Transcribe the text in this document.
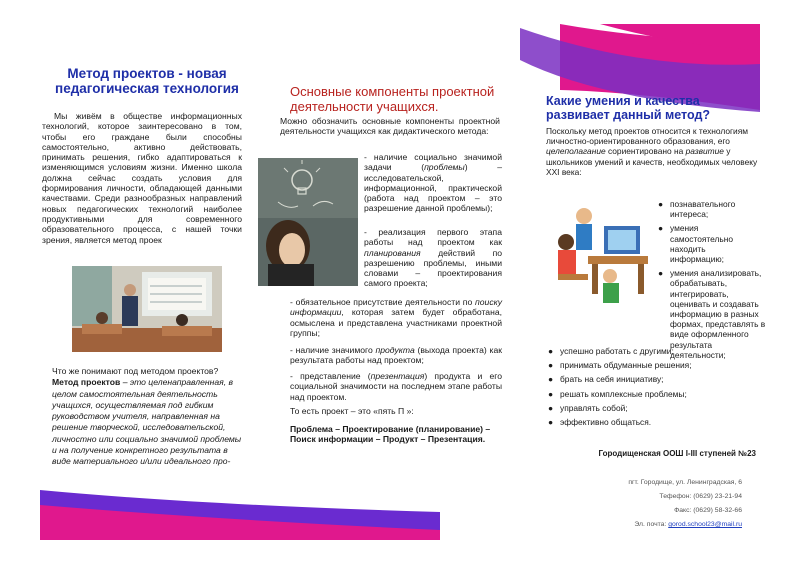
Метод проектов - новая педагогическая технология
Мы живём в обществе информационных технологий, которое заинтересовано в том, чтобы его граждане были способны самостоятельно, активно действовать, принимать решения, гибко адаптироваться к изменяющимся условиям жизни. Именно школа должна сейчас создать условия для формирования личности, обладающей данными качествами. Среди разнообразных направлений новых педагогических технологий наиболее продуктивными для современного образовательного процесса, с нашей точки зрения, является метод проек
Что же понимают под методом проектов? Метод проектов – это целенаправленная, в целом самостоятельная деятельность учащихся, осуществляемая под гибким руководством учителя, направленная на решение творческой, исследовательской, личностно или социально значимой проблемы и на получение конкретного результата в виде материального и/или идеального про-
Основные компоненты проектной деятельности учащихся.
Можно обозначить основные компоненты проектной деятельности учащихся как дидактического метода:
- наличие социально значимой задачи (проблемы) – исследовательской, информационной, практической (работа над проектом – это разрешение данной проблемы);
- реализация первого этапа работы над проектом как планирования действий по разрешению проблемы, иными словами – проектирования самого проекта;
- обязательное присутствие деятельности по поиску информации, которая затем будет обработана, осмыслена и представлена участниками проектной группы;
- наличие значимого продукта (выхода проекта) как результата работы над проектом;
- представление (презентация) продукта и его социальной значимости на последнем этапе работы над проектом.
То есть проект – это «пять П »:
Проблема – Проектирование (планирование) – Поиск информации – Продукт – Презентация.
Какие умения и качества развивает данный метод?
Поскольку метод проектов относится к технологиям личностно-ориентированного образования, его целеполагание сориентировано на развитие у школьников умений и качеств, необходимых человеку XXI века:
● познавательного интереса;
● умения самостоятельно находить информацию;
● умения анализировать, обрабатывать, интегрировать, оценивать и создавать информацию в разных формах, представлять в виде оформленного результата деятельности;
● успешно работать с другими;
● принимать обдуманные решения;
● брать на себя инициативу;
● решать комплексные проблемы;
● управлять собой;
● эффективно общаться.
Городищенская ООШ I-III ступеней №23
пгт. Городище, ул. Ленинградская, 6
Тефефон: (0629) 23-21-94
Факс: (0629) 58-32-66
Эл. почта: gorod.school23@mail.ru
